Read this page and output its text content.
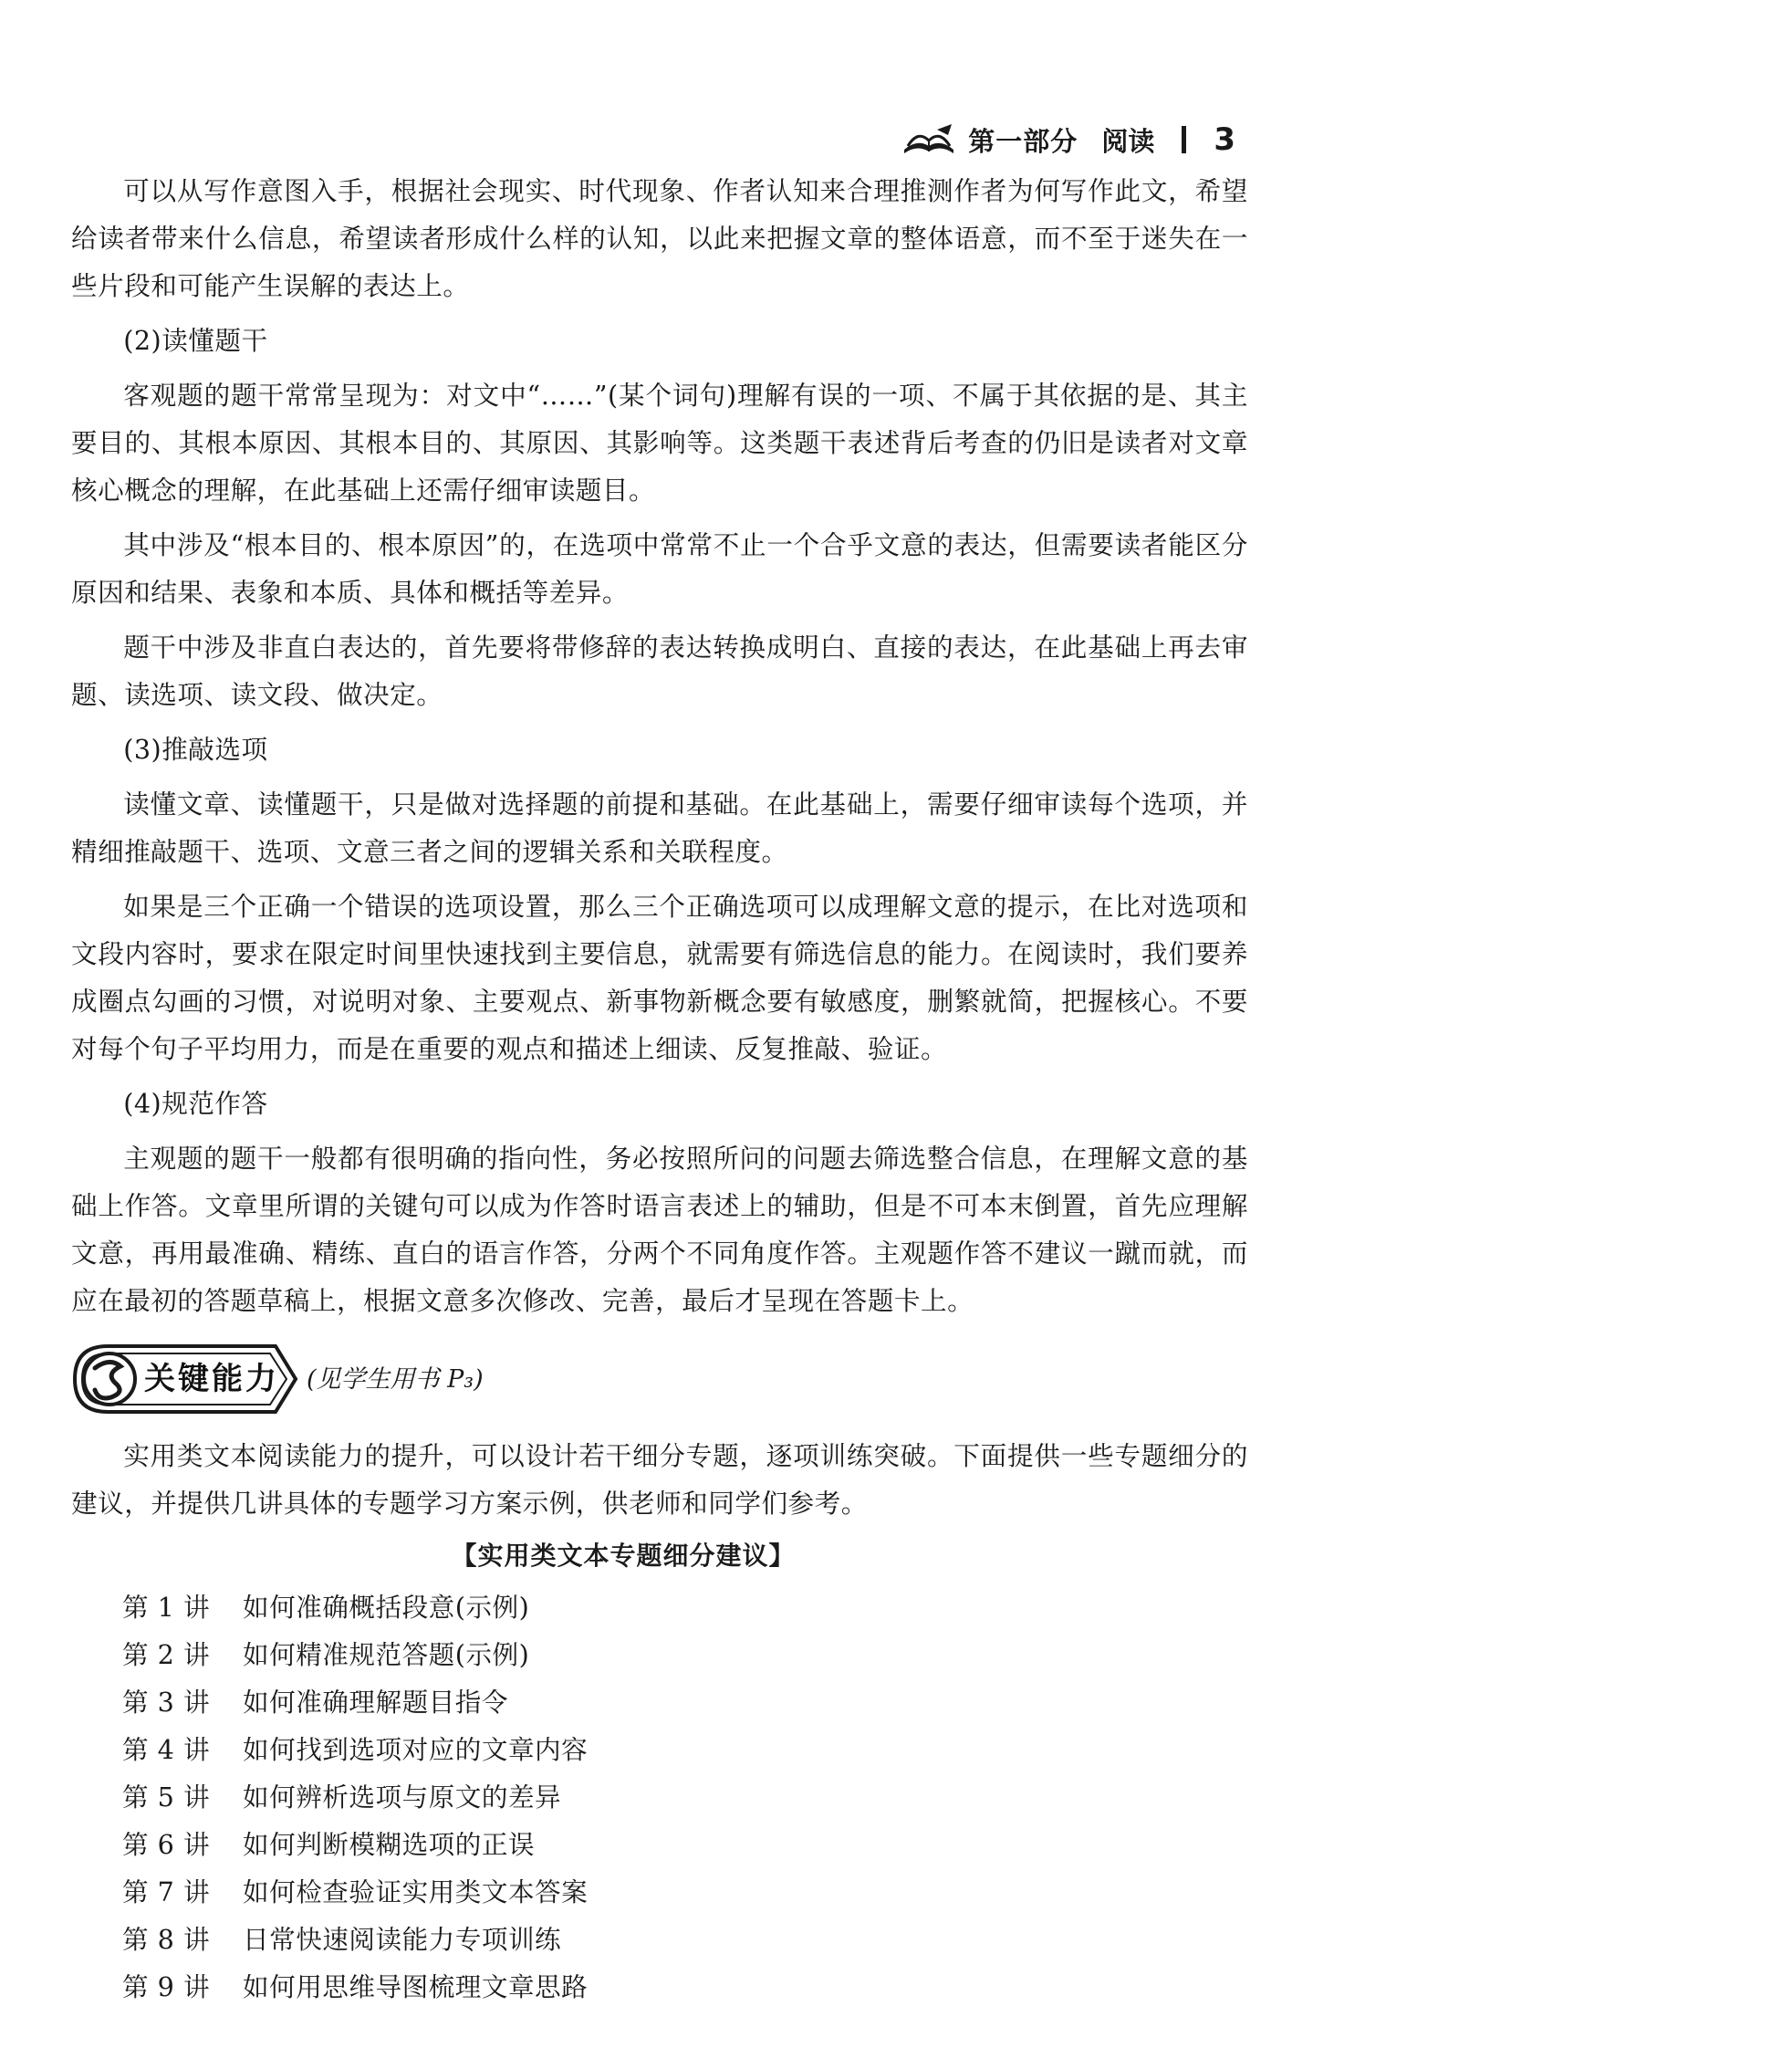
第一部分 阅读 3

可以从写作意图入手，根据社会现实、时代现象、作者认知来合理推测作者为何写作此文，希望给读者带来什么信息，希望读者形成什么样的认知，以此来把握文章的整体语意，而不至于迷失在一些片段和可能产生误解的表达上。

(2)读懂题干

客观题的题干常常呈现为：对文中“……”(某个词句)理解有误的一项、不属于其依据的是、其主要目的、其根本原因、其根本目的、其原因、其影响等。这类题干表述背后考查的仍旧是读者对文章核心概念的理解，在此基础上还需仔细审读题目。

其中涉及“根本目的、根本原因”的，在选项中常常不止一个合乎文意的表达，但需要读者能区分原因和结果、表象和本质、具体和概括等差异。

题干中涉及非直白表达的，首先要将带修辞的表达转换成明白、直接的表达，在此基础上再去审题、读选项、读文段、做决定。

(3)推敲选项

读懂文章、读懂题干，只是做对选择题的前提和基础。在此基础上，需要仔细审读每个选项，并精细推敲题干、选项、文意三者之间的逻辑关系和关联程度。

如果是三个正确一个错误的选项设置，那么三个正确选项可以成理解文意的提示，在比对选项和文段内容时，要求在限定时间里快速找到主要信息，就需要有筛选信息的能力。在阅读时，我们要养成圈点勾画的习惯，对说明对象、主要观点、新事物新概念要有敏感度，删繁就简，把握核心。不要对每个句子平均用力，而是在重要的观点和描述上细读、反复推敲、验证。

(4)规范作答

主观题的题干一般都有很明确的指向性，务必按照所问的问题去筛选整合信息，在理解文意的基础上作答。文章里所谓的关键句可以成为作答时语言表述上的辅助，但是不可本末倒置，首先应理解文意，再用最准确、精练、直白的语言作答，分两个不同角度作答。主观题作答不建议一蹴而就，而应在最初的答题草稿上，根据文意多次修改、完善，最后才呈现在答题卡上。

关键能力 (见学生用书 P₃)

实用类文本阅读能力的提升，可以设计若干细分专题，逐项训练突破。下面提供一些专题细分的建议，并提供几讲具体的专题学习方案示例，供老师和同学们参考。

【实用类文本专题细分建议】
第 1 讲	如何准确概括段意(示例)
第 2 讲	如何精准规范答题(示例)
第 3 讲	如何准确理解题目指令
第 4 讲	如何找到选项对应的文章内容
第 5 讲	如何辨析选项与原文的差异
第 6 讲	如何判断模糊选项的正误
第 7 讲	如何检查验证实用类文本答案
第 8 讲	日常快速阅读能力专项训练
第 9 讲	如何用思维导图梳理文章思路
